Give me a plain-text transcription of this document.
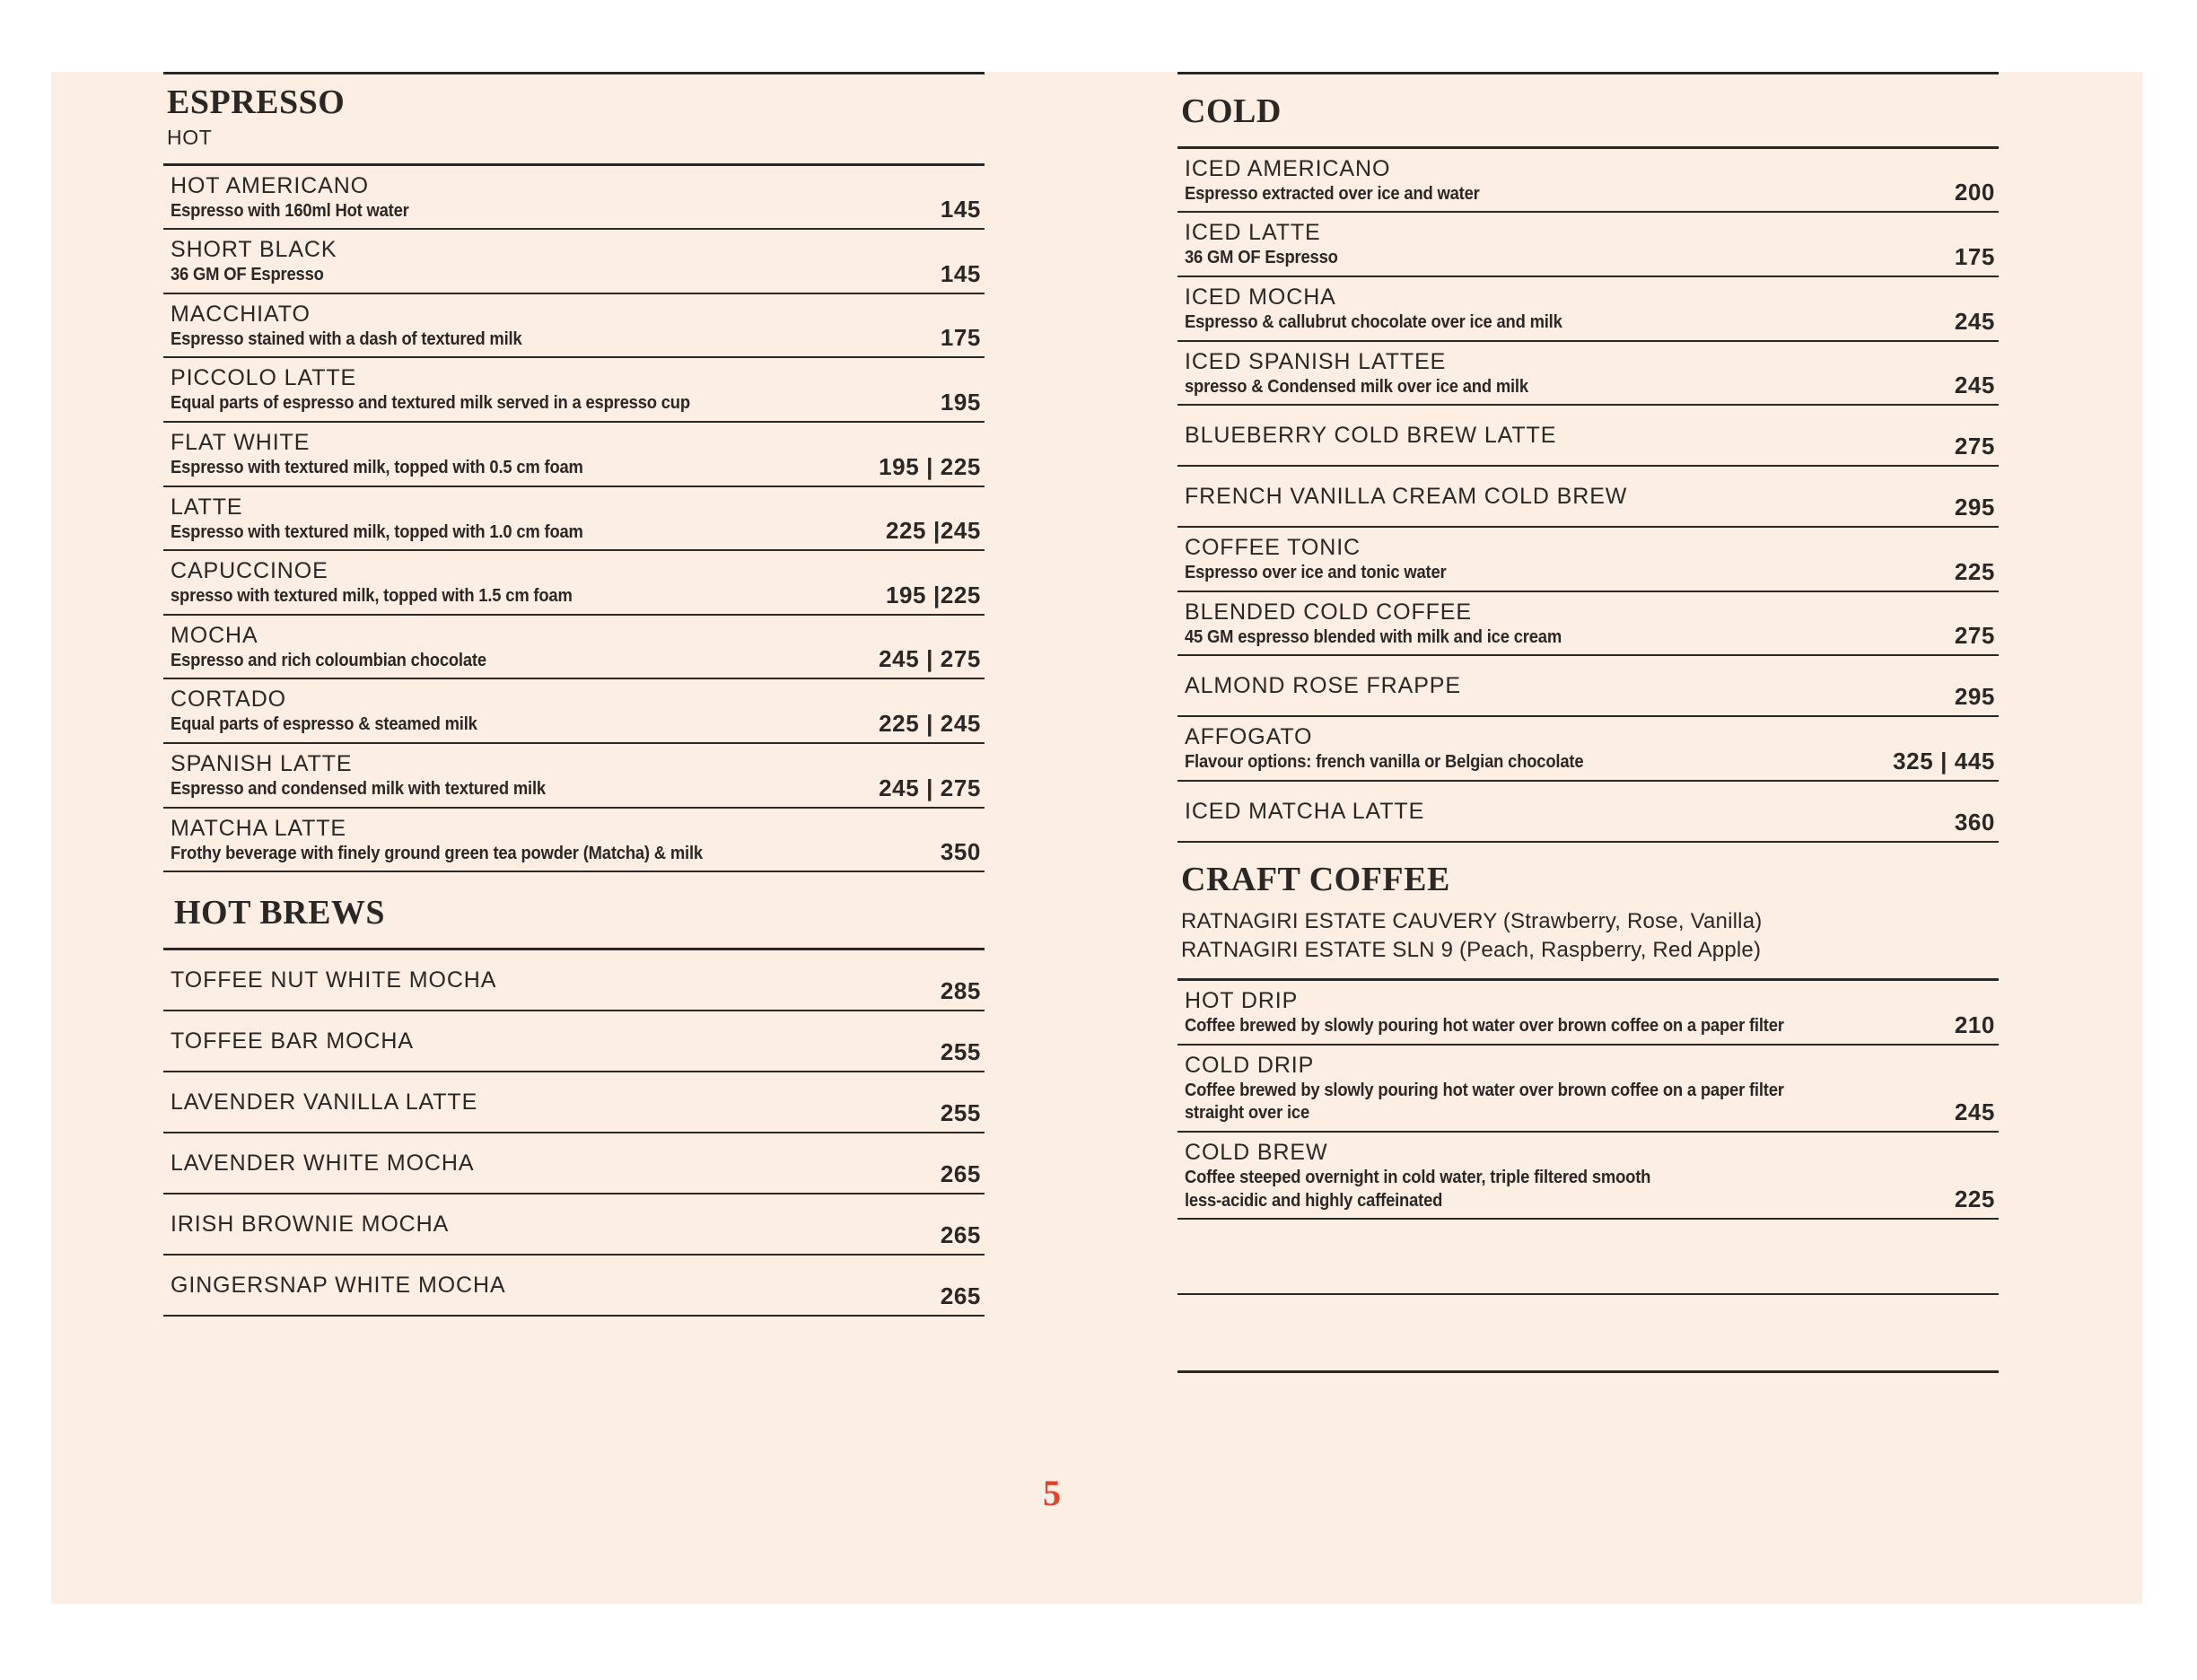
ESPRESSO
HOT
HOT AMERICANO
Espresso with 160ml Hot water	145
SHORT BLACK
36 GM OF Espresso	145
MACCHIATO
Espresso stained with a dash of textured milk	175
PICCOLO LATTE
Equal parts of espresso and textured milk served in a espresso cup	195
FLAT WHITE
Espresso with textured milk, topped with 0.5 cm foam	195 | 225
LATTE
Espresso with textured milk, topped with 1.0 cm foam	225 |245
CAPUCCINOE
spresso with textured milk, topped with 1.5 cm foam	195 |225
MOCHA
Espresso and rich coloumbian chocolate	245 | 275
CORTADO
Equal parts of espresso & steamed milk	225 | 245
SPANISH LATTE
Espresso and condensed milk with textured milk	245 | 275
MATCHA LATTE
Frothy beverage with finely ground green tea powder (Matcha) & milk	350
HOT BREWS
TOFFEE NUT WHITE MOCHA	285
TOFFEE BAR MOCHA	255
LAVENDER VANILLA LATTE	255
LAVENDER WHITE MOCHA	265
IRISH BROWNIE MOCHA	265
GINGERSNAP WHITE MOCHA	265
COLD
ICED AMERICANO
Espresso extracted over ice and water	200
ICED LATTE
36 GM OF Espresso	175
ICED MOCHA
Espresso & callubrut chocolate over ice and milk	245
ICED SPANISH LATTEE
spresso & Condensed milk over ice and milk	245
BLUEBERRY COLD BREW LATTE	275
FRENCH VANILLA CREAM COLD BREW	295
COFFEE TONIC
Espresso over ice and tonic water	225
BLENDED COLD COFFEE
45 GM espresso blended with milk and ice cream	275
ALMOND ROSE FRAPPE	295
AFFOGATO
Flavour options: french vanilla or Belgian chocolate	325 | 445
ICED MATCHA LATTE	360
CRAFT COFFEE
RATNAGIRI ESTATE CAUVERY (Strawberry, Rose, Vanilla)
RATNAGIRI ESTATE SLN 9 (Peach, Raspberry, Red Apple)
HOT DRIP
Coffee brewed by slowly pouring hot water over brown coffee on a paper filter	210
COLD DRIP
Coffee brewed by slowly pouring hot water over brown coffee on a paper filter
straight over ice	245
COLD BREW
Coffee steeped overnight in cold water, triple filtered smooth
less-acidic and highly caffeinated	225
5
